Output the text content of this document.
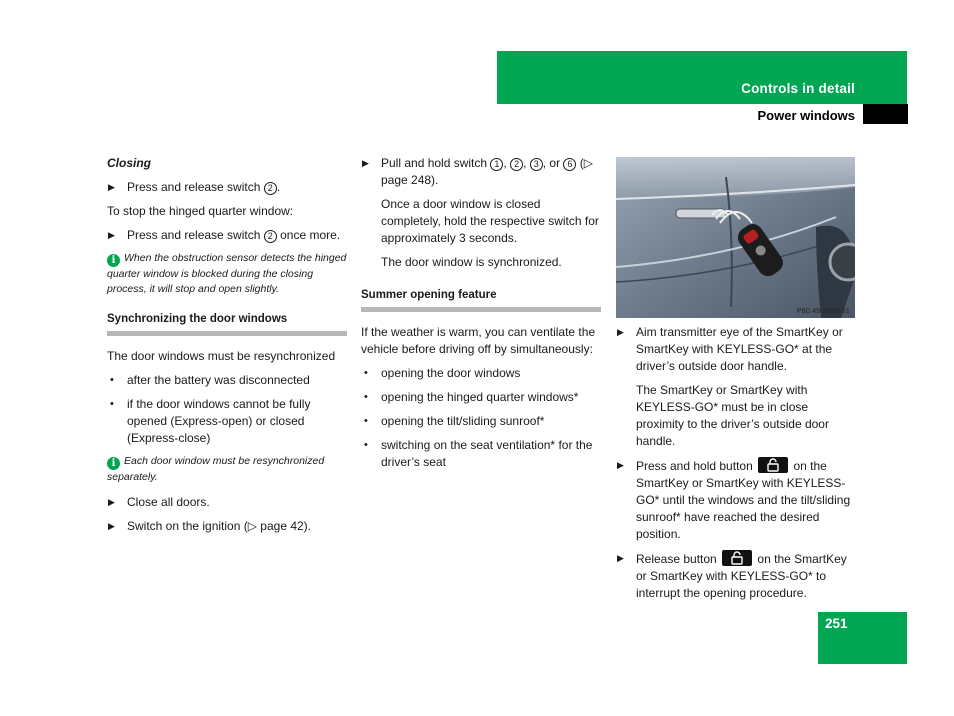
Controls in detail
Power windows
Closing
▶ Press and release switch 2 .
To stop the hinged quarter window:
▶ Press and release switch 2 once more.
i When the obstruction sensor detects the hinged quarter window is blocked during the closing process, it will stop and open slightly.
Synchronizing the door windows
The door windows must be resynchronized
• after the battery was disconnected
• if the door windows cannot be fully opened (Express-open) or closed (Express-close)
i Each door window must be resynchronized separately.
▶ Close all doors.
▶ Switch on the ignition (▷ page 42).
▶ Pull and hold switch 1 , 2 , 3 , or 6 (▷ page 248).
Once a door window is closed completely, hold the respective switch for approximately 3 seconds.
The door window is synchronized.
Summer opening feature
If the weather is warm, you can ventilate the vehicle before driving off by simultaneously:
• opening the door windows
• opening the hinged quarter windows*
• opening the tilt/sliding sunroof*
• switching on the seat ventilation* for the driver’s seat
P80.45-2058-31
▶ Aim transmitter eye of the SmartKey or SmartKey with KEYLESS-GO* at the driver’s outside door handle.
The SmartKey or SmartKey with KEYLESS-GO* must be in close proximity to the driver’s outside door handle.
▶ Press and hold button	on the SmartKey or SmartKey with KEYLESS-GO* until the windows and the tilt/sliding sunroof* have reached the desired position.
▶ Release button	on the SmartKey or SmartKey with KEYLESS-GO* to interrupt the opening procedure.
251
